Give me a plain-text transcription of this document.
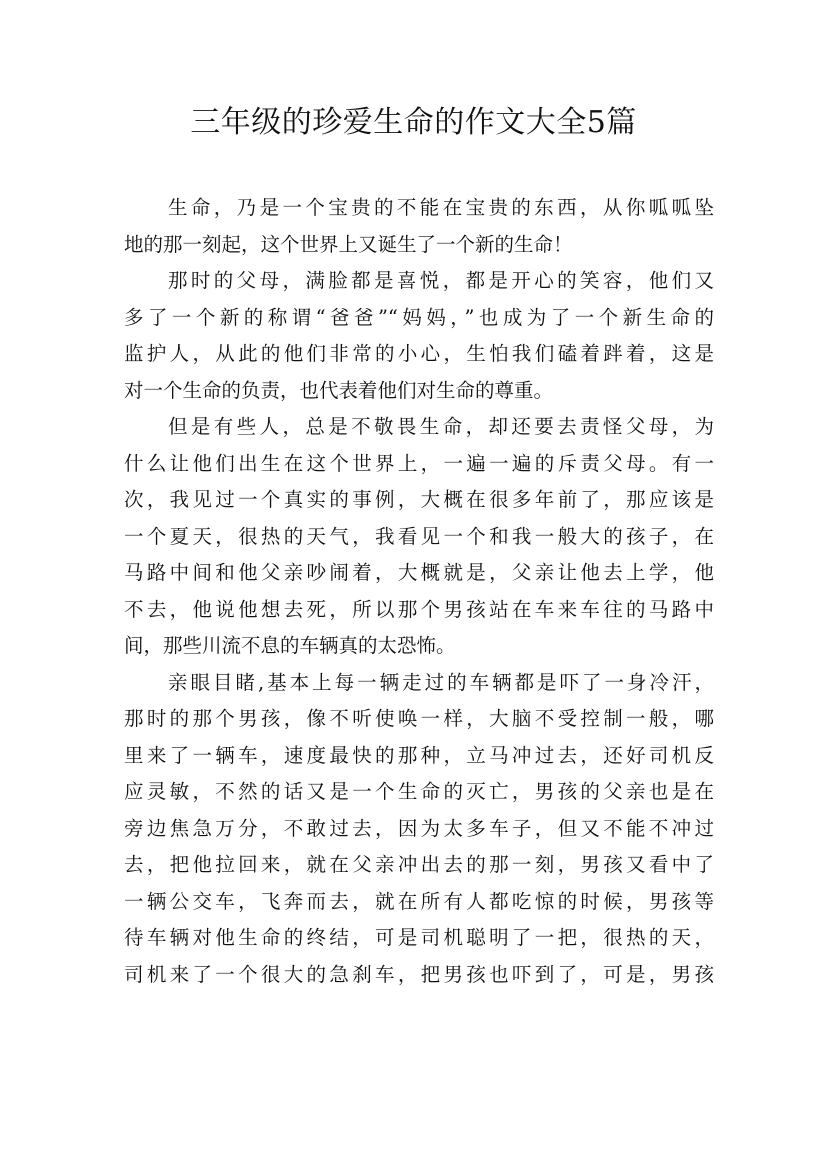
三年级的珍爱生命的作文大全5篇
生命，乃是一个宝贵的不能在宝贵的东西，从你呱呱坠
地的那一刻起，这个世界上又诞生了一个新的生命！
那时的父母，满脸都是喜悦，都是开心的笑容，他们又
多了一个新的称谓“爸爸”“妈妈，”也成为了一个新生命的
监护人，从此的他们非常的小心，生怕我们磕着跘着，这是
对一个生命的负责，也代表着他们对生命的尊重。
但是有些人，总是不敬畏生命，却还要去责怪父母，为
什么让他们出生在这个世界上，一遍一遍的斥责父母。有一
次，我见过一个真实的事例，大概在很多年前了，那应该是
一个夏天，很热的天气，我看见一个和我一般大的孩子，在
马路中间和他父亲吵闹着，大概就是，父亲让他去上学，他
不去，他说他想去死，所以那个男孩站在车来车往的马路中
间，那些川流不息的车辆真的太恐怖。
亲眼目睹,基本上每一辆走过的车辆都是吓了一身冷汗，
那时的那个男孩，像不听使唤一样，大脑不受控制一般，哪
里来了一辆车，速度最快的那种，立马冲过去，还好司机反
应灵敏，不然的话又是一个生命的灭亡，男孩的父亲也是在
旁边焦急万分，不敢过去，因为太多车子，但又不能不冲过
去，把他拉回来，就在父亲冲出去的那一刻，男孩又看中了
一辆公交车，飞奔而去，就在所有人都吃惊的时候，男孩等
待车辆对他生命的终结，可是司机聪明了一把，很热的天，
司机来了一个很大的急刹车，把男孩也吓到了，可是，男孩
